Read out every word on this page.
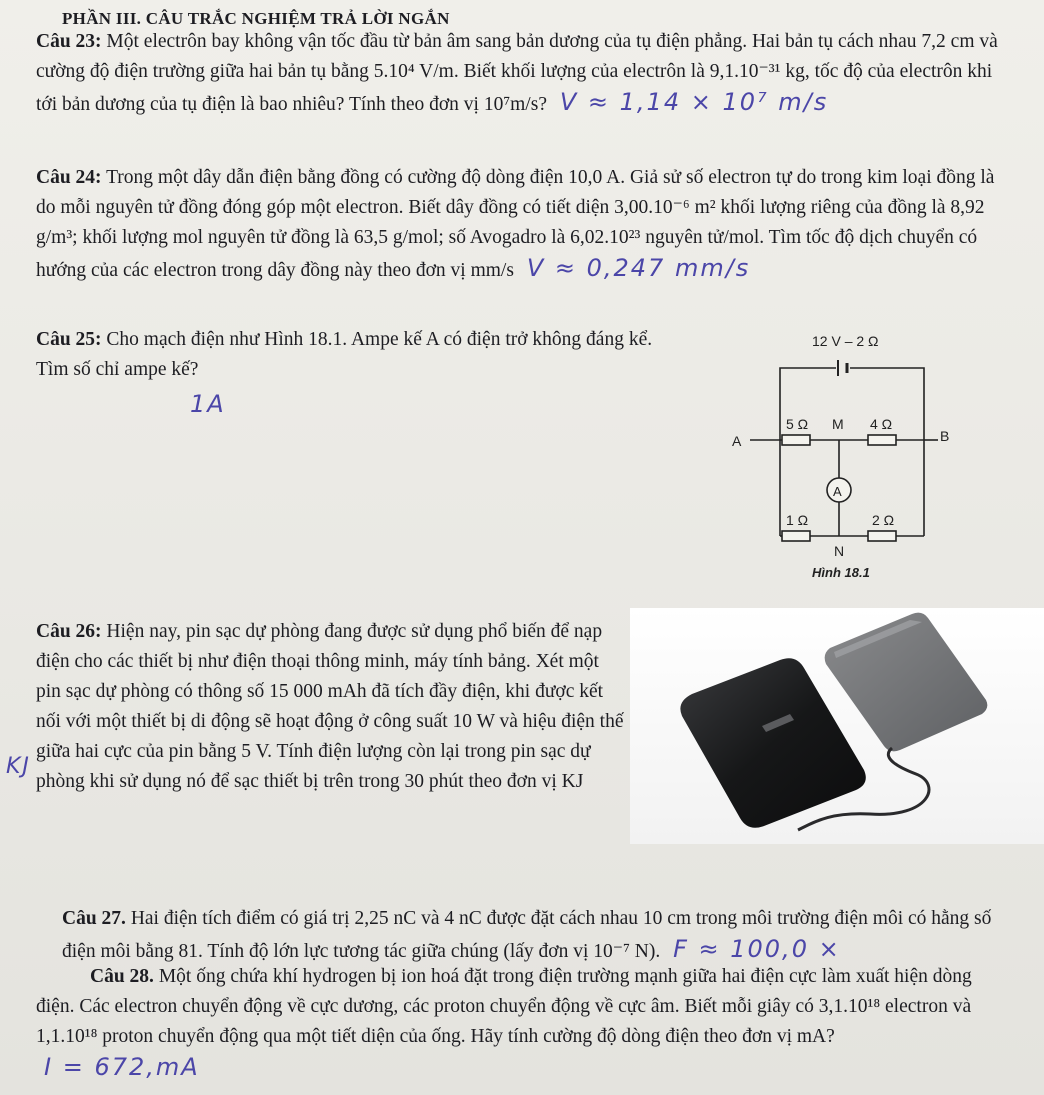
PHẦN III. CÂU TRẮC NGHIỆM TRẢ LỜI NGẮN
Câu 23: Một electrôn bay không vận tốc đầu từ bản âm sang bản dương của tụ điện phẳng. Hai bản tụ cách nhau 7,2 cm và cường độ điện trường giữa hai bản tụ bằng 5.10⁴ V/m. Biết khối lượng của electrôn là 9,1.10⁻³¹ kg, tốc độ của electrôn khi tới bản dương của tụ điện là bao nhiêu? Tính theo đơn vị 10⁷m/s? V ≈ 1,14 × 10⁷ m/s
Câu 24: Trong một dây dẫn điện bằng đồng có cường độ dòng điện 10,0 A. Giả sử số electron tự do trong kim loại đồng là do mỗi nguyên tử đồng đóng góp một electron. Biết dây đồng có tiết diện 3,00.10⁻⁶ m² khối lượng riêng của đồng là 8,92 g/m³; khối lượng mol nguyên tử đồng là 63,5 g/mol; số Avogadro là 6,02.10²³ nguyên tử/mol. Tìm tốc độ dịch chuyển có hướng của các electron trong dây đồng này theo đơn vị mm/s V ≈ 0,247 mm/s
Câu 25: Cho mạch điện như Hình 18.1. Ampe kế A có điện trở không đáng kể. Tìm số chỉ ampe kế?
1A
A
12 V – 2 Ω
5 Ω	4 Ω
1 Ω	2 Ω
A	B
M
N
Hình 18.1
Câu 26: Hiện nay, pin sạc dự phòng đang được sử dụng phổ biến để nạp điện cho các thiết bị như điện thoại thông minh, máy tính bảng. Xét một pin sạc dự phòng có thông số 15 000 mAh đã tích đầy điện, khi được kết nối với một thiết bị di động sẽ hoạt động ở công suất 10 W và hiệu điện thế giữa hai cực của pin bằng 5 V. Tính điện lượng còn lại trong pin sạc dự phòng khi sử dụng nó để sạc thiết bị trên trong 30 phút theo đơn vị KJ
KJ
Câu 27. Hai điện tích điểm có giá trị 2,25 nC và 4 nC được đặt cách nhau 10 cm trong môi trường điện môi có hằng số điện môi bằng 81. Tính độ lớn lực tương tác giữa chúng (lấy đơn vị 10⁻⁷ N). F ≈ 100,0 ×
Câu 28. Một ống chứa khí hydrogen bị ion hoá đặt trong điện trường mạnh giữa hai điện cực làm xuất hiện dòng điện. Các electron chuyển động về cực dương, các proton chuyển động về cực âm. Biết mỗi giây có 3,1.10¹⁸ electron và 1,1.10¹⁸ proton chuyển động qua một tiết diện của ống. Hãy tính cường độ dòng điện theo đơn vị mA? I = 672,mA
